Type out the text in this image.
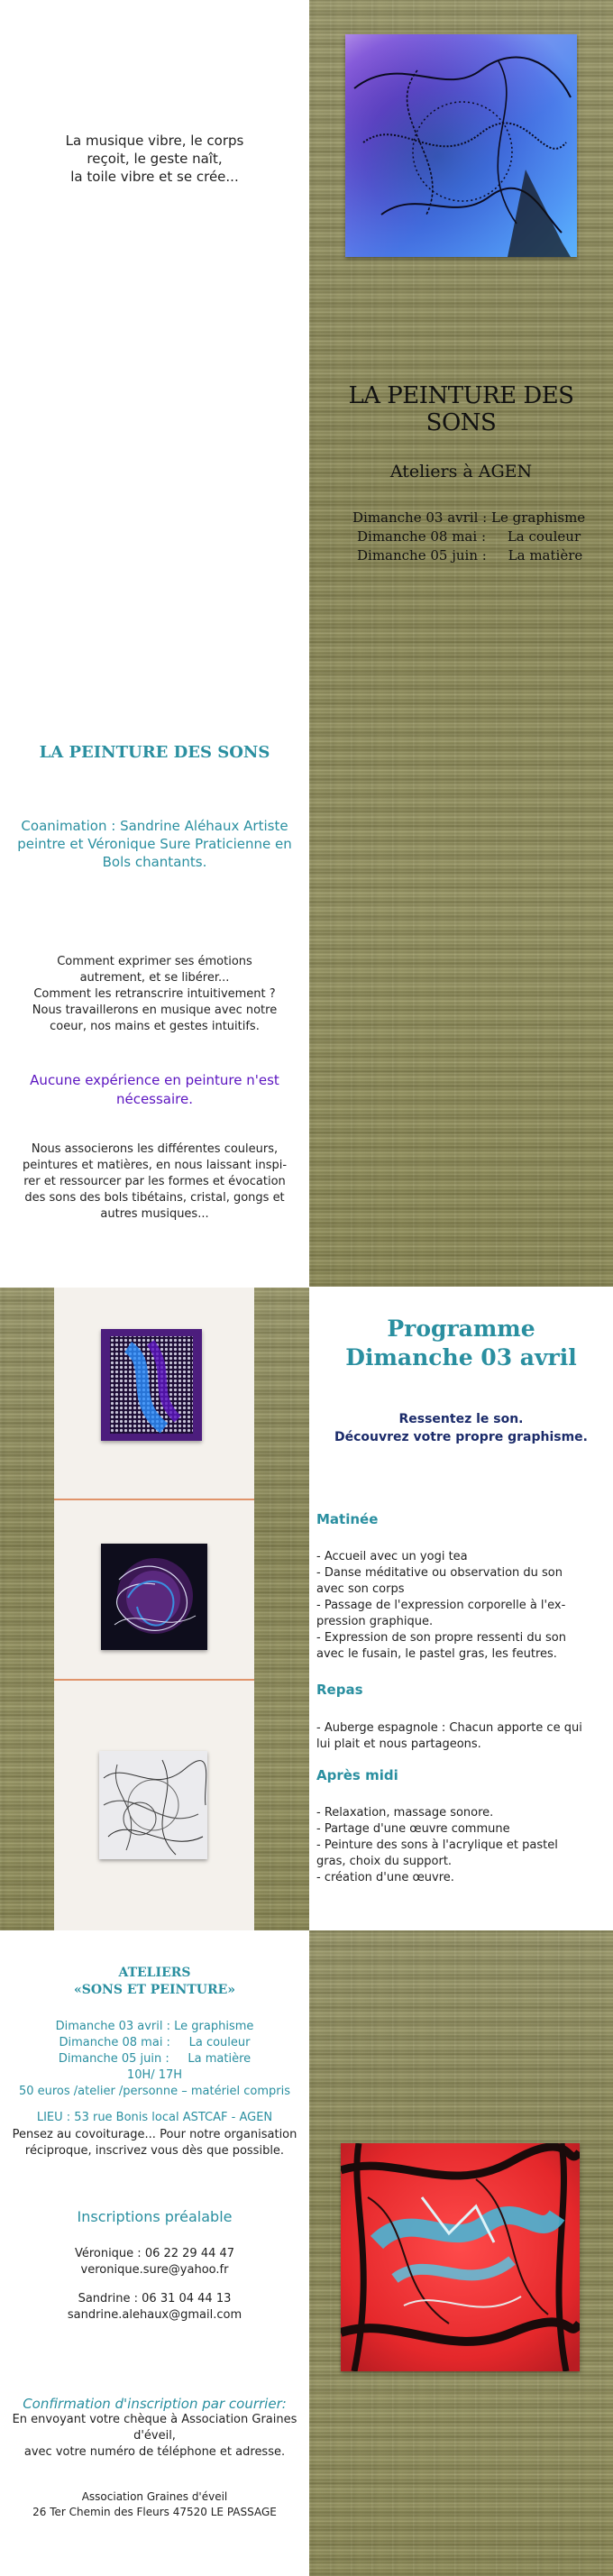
La musique vibre, le corps
reçoit, le geste naît,
la toile vibre et se crée...
LA PEINTURE DES
SONS
Ateliers à AGEN
Dimanche 03 avril : Le graphisme
Dimanche 08 mai : La couleur
Dimanche 05 juin : La matière
LA PEINTURE DES SONS
Coanimation : Sandrine Aléhaux Artiste
peintre et Véronique Sure Praticienne en
Bols chantants.
Comment exprimer ses émotions
autrement, et se libérer...
Comment les retranscrire intuitivement ?
Nous travaillerons en musique avec notre
coeur, nos mains et gestes intuitifs.
Aucune expérience en peinture n'est
nécessaire.
Nous associerons les différentes couleurs,
peintures et matières, en nous laissant inspi-
rer et ressourcer par les formes et évocation
des sons des bols tibétains, cristal, gongs et
autres musiques...
Programme
Dimanche 03 avril
Ressentez le son.
Découvrez votre propre graphisme.
Matinée
- Accueil avec un yogi tea
- Danse méditative ou observation du son
avec son corps
- Passage de l'expression corporelle à l'ex-
pression graphique.
- Expression de son propre ressenti du son
avec le fusain, le pastel gras, les feutres.
Repas
- Auberge espagnole : Chacun apporte ce qui
lui plait et nous partageons.
Après midi
- Relaxation, massage sonore.
- Partage d'une œuvre commune
- Peinture des sons à l'acrylique et pastel
gras, choix du support.
- création d'une œuvre.
ATELIERS
«SONS ET PEINTURE»
Dimanche 03 avril : Le graphisme
Dimanche 08 mai : La couleur
Dimanche 05 juin : La matière
10H/ 17H
50 euros /atelier /personne – matériel compris
LIEU : 53 rue Bonis local ASTCAF - AGEN
Pensez au covoiturage... Pour notre organisation
réciproque, inscrivez vous dès que possible.
Inscriptions préalable
Véronique : 06 22 29 44 47
veronique.sure@yahoo.fr
Sandrine : 06 31 04 44 13
sandrine.alehaux@gmail.com
Confirmation d'inscription par courrier:
En envoyant votre chèque à Association Graines
d'éveil,
avec votre numéro de téléphone et adresse.
Association Graines d'éveil
26 Ter Chemin des Fleurs 47520 LE PASSAGE
